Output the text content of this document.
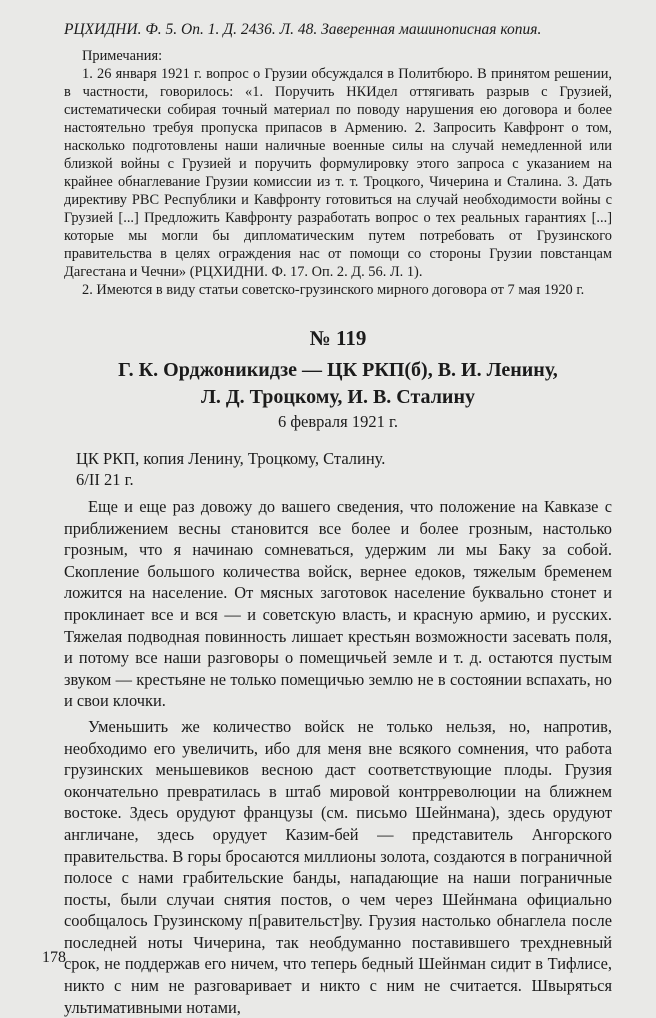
РЦХИДНИ. Ф. 5. Оп. 1. Д. 2436. Л. 48. Заверенная машинописная копия.
Примечания:

1. 26 января 1921 г. вопрос о Грузии обсуждался в Политбюро. В принятом решении, в частности, говорилось: «1. Поручить НКИдел оттягивать разрыв с Грузией, систематически собирая точный материал по поводу нарушения ею договора и более настоятельно требуя пропуска припасов в Армению. 2. Запросить Кавфронт о том, насколько подготовлены наши наличные военные силы на случай немедленной или близкой войны с Грузией и поручить формулировку этого запроса с указанием на крайнее обнаглевание Грузии комиссии из т. т. Троцкого, Чичерина и Сталина. 3. Дать директиву РВС Республики и Кавфронту готовиться на случай необходимости войны с Грузией [...] Предложить Кавфронту разработать вопрос о тех реальных гарантиях [...] которые мы могли бы дипломатическим путем потребовать от Грузинского правительства в целях ограждения нас от помощи со стороны Грузии повстанцам Дагестана и Чечни» (РЦХИДНИ. Ф. 17. Оп. 2. Д. 56. Л. 1).

2. Имеются в виду статьи советско-грузинского мирного договора от 7 мая 1920 г.

№ 119
Г. К. Орджоникидзе — ЦК РКП(б), В. И. Ленину,
Л. Д. Троцкому, И. В. Сталину
6 февраля 1921 г.
ЦК РКП, копия Ленину, Троцкому, Сталину.
6/II 21 г.

Еще и еще раз довожу до вашего сведения, что положение на Кавказе с приближением весны становится все более и более грозным, настолько грозным, что я начинаю сомневаться, удержим ли мы Баку за собой. Скопление большого количества войск, вернее едоков, тяжелым бременем ложится на население. От мясных заготовок население буквально стонет и проклинает все и вся — и советскую власть, и красную армию, и русских. Тяжелая подводная повинность лишает крестьян возможности засевать поля, и потому все наши разговоры о помещичьей земле и т. д. остаются пустым звуком — крестьяне не только помещичью землю не в состоянии вспахать, но и свои клочки.

Уменьшить же количество войск не только нельзя, но, напротив, необходимо его увеличить, ибо для меня вне всякого сомнения, что работа грузинских меньшевиков весною даст соответствующие плоды. Грузия окончательно превратилась в штаб мировой контрреволюции на ближнем востоке. Здесь орудуют французы (см. письмо Шейнмана), здесь орудуют англичане, здесь орудует Казим-бей — представитель Ангорского правительства. В горы бросаются миллионы золота, создаются в пограничной полосе с нами грабительские банды, нападающие на наши пограничные посты, были случаи снятия постов, о чем через Шейнмана официально сообщалось Грузинскому п[равительст]ву. Грузия настолько обнаглела после последней ноты Чичерина, так необдуманно поставившего трехдневный срок, не поддержав его ничем, что теперь бедный Шейнман сидит в Тифлисе, никто с ним не разговаривает и никто с ним не считается. Швыряться ультимативными нотами,

178
